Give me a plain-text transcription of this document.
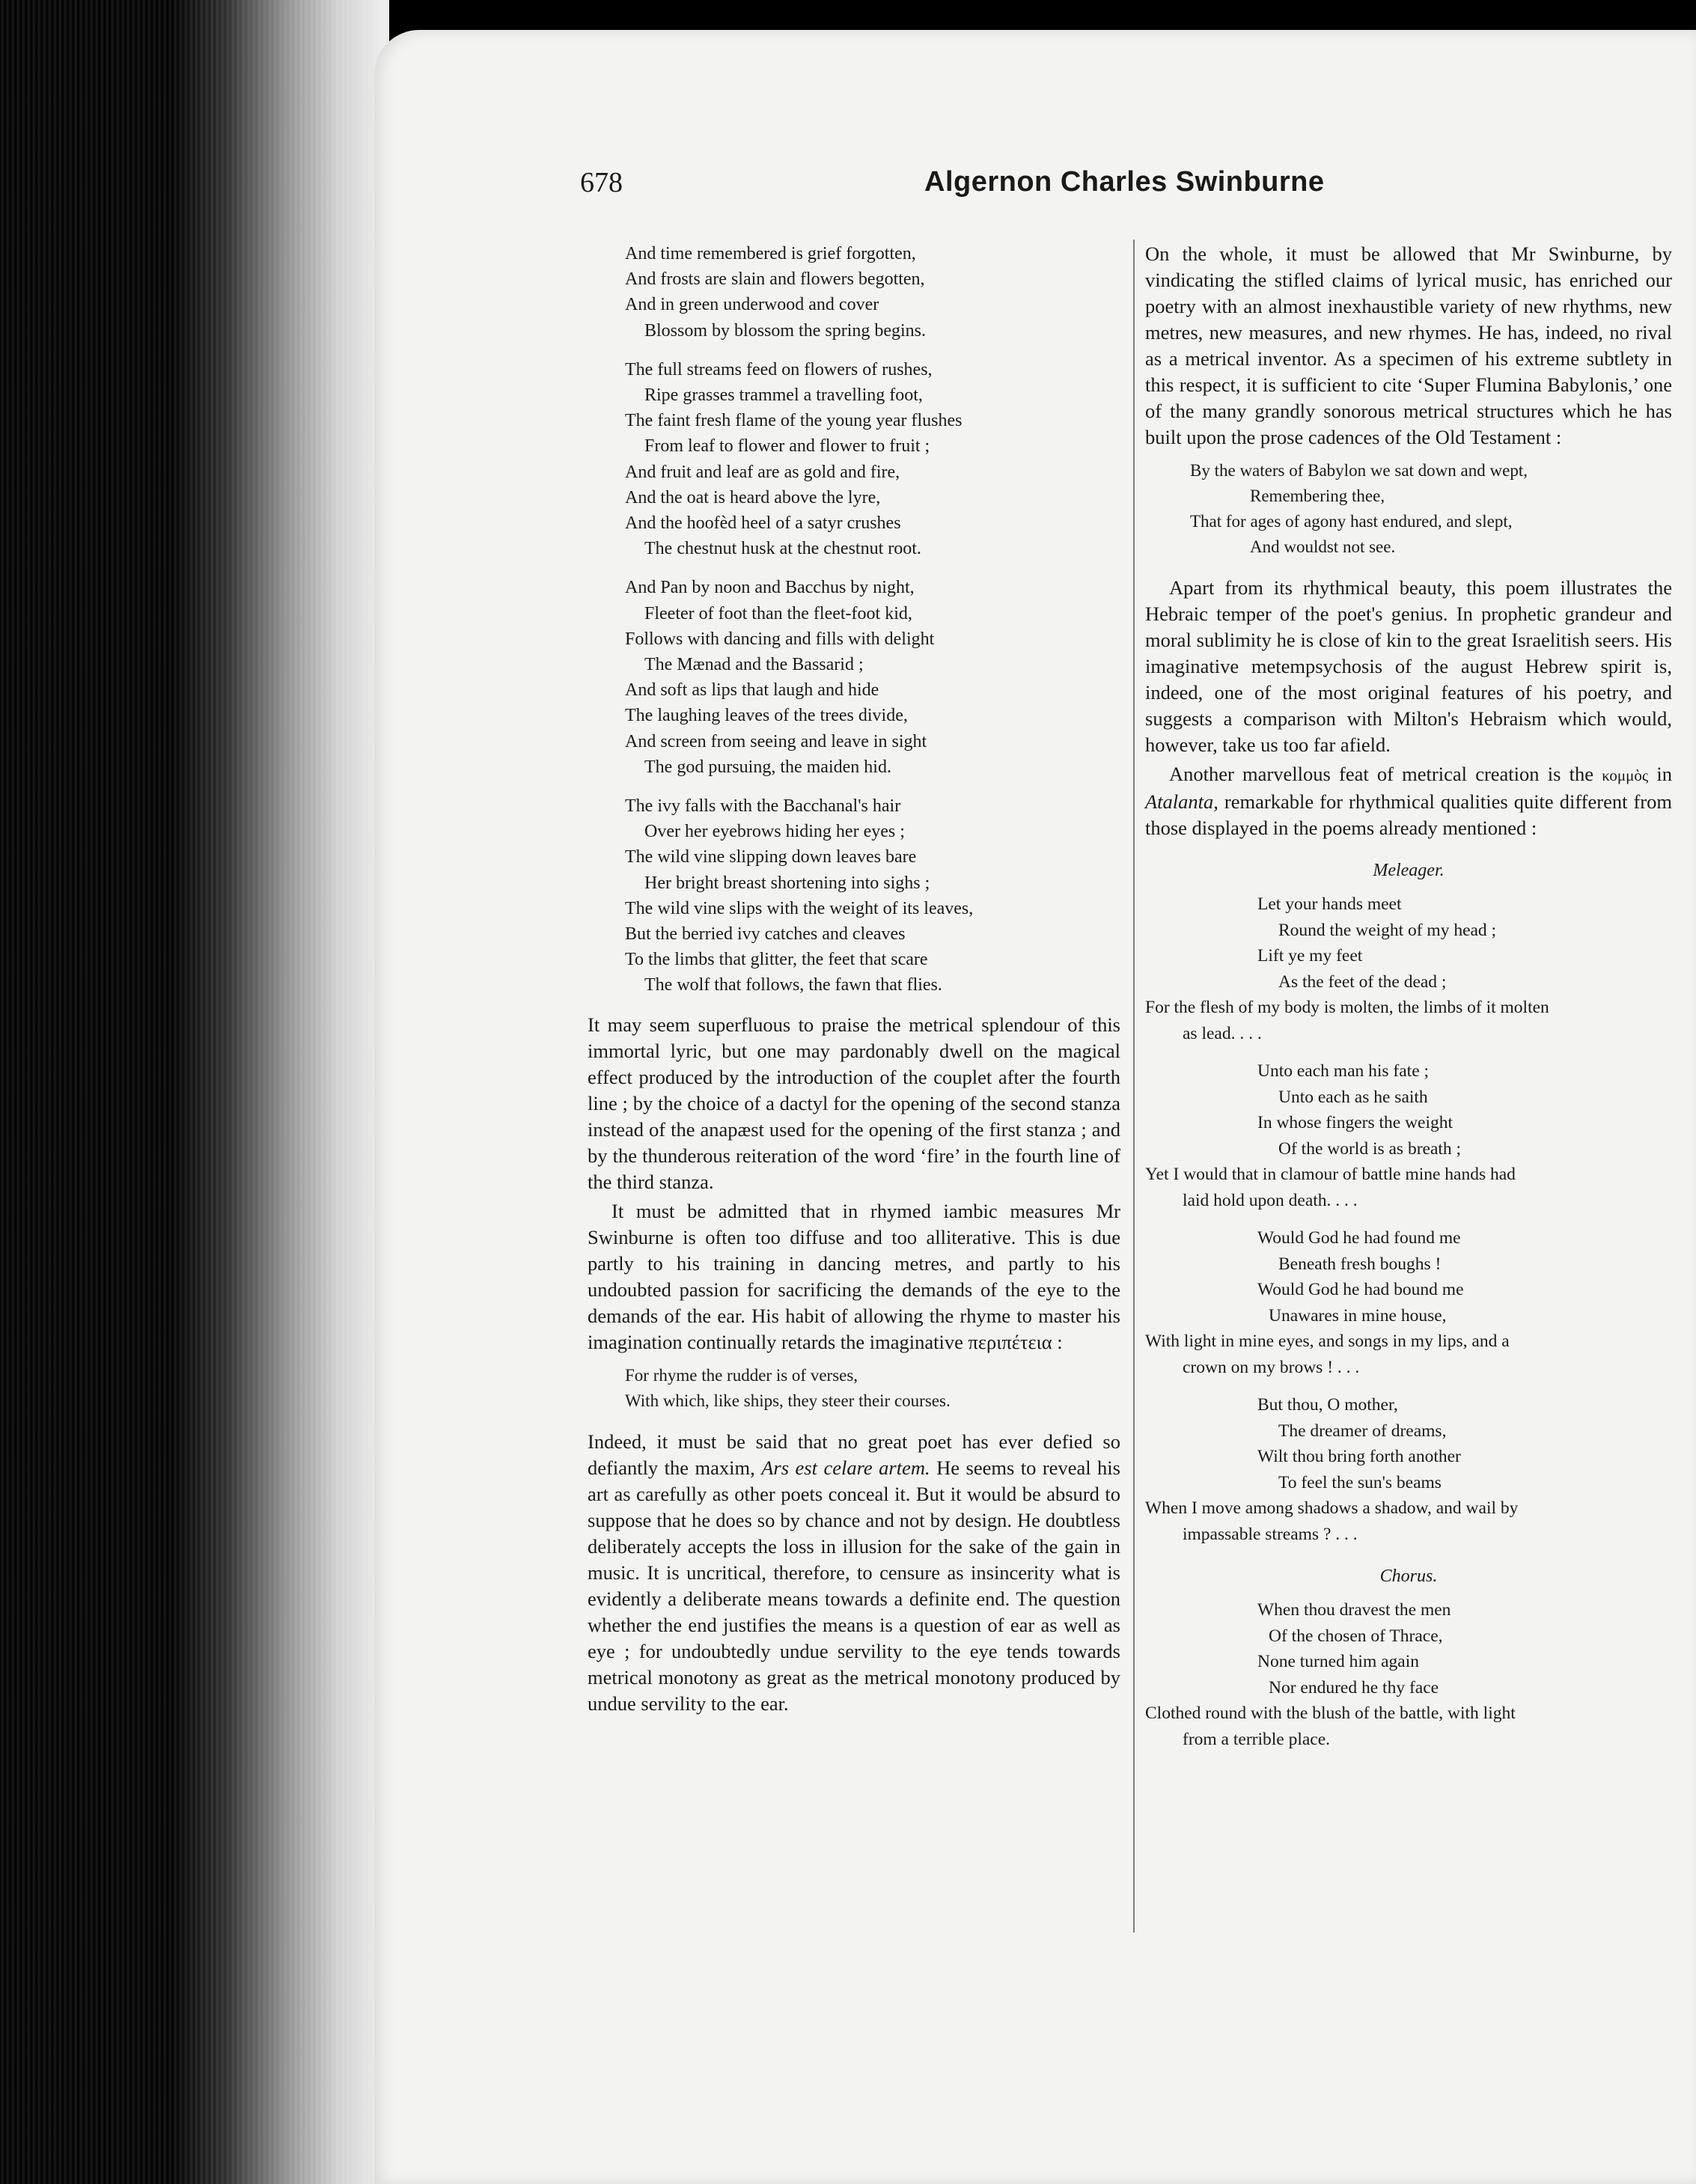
678	Algernon Charles Swinburne
And time remembered is grief forgotten,
And frosts are slain and flowers begotten,
And in green underwood and cover
Blossom by blossom the spring begins.
The full streams feed on flowers of rushes,
Ripe grasses trammel a travelling foot,
The faint fresh flame of the young year flushes
From leaf to flower and flower to fruit ;
And fruit and leaf are as gold and fire,
And the oat is heard above the lyre,
And the hoofèd heel of a satyr crushes
The chestnut husk at the chestnut root.
And Pan by noon and Bacchus by night,
Fleeter of foot than the fleet-foot kid,
Follows with dancing and fills with delight
The Mænad and the Bassarid ;
And soft as lips that laugh and hide
The laughing leaves of the trees divide,
And screen from seeing and leave in sight
The god pursuing, the maiden hid.
The ivy falls with the Bacchanal's hair
Over her eyebrows hiding her eyes ;
The wild vine slipping down leaves bare
Her bright breast shortening into sighs ;
The wild vine slips with the weight of its leaves,
But the berried ivy catches and cleaves
To the limbs that glitter, the feet that scare
The wolf that follows, the fawn that flies.

It may seem superfluous to praise the metrical splendour of this immortal lyric, but one may pardonably dwell on the magical effect produced by the introduction of the couplet after the fourth line ; by the choice of a dactyl for the opening of the second stanza instead of the anapæst used for the opening of the first stanza ; and by the thunderous reiteration of the word ‘fire’ in the fourth line of the third stanza.

It must be admitted that in rhymed iambic measures Mr Swinburne is often too diffuse and too alliterative. This is due partly to his training in dancing metres, and partly to his undoubted passion for sacrificing the demands of the eye to the demands of the ear. His habit of allowing the rhyme to master his imagination continually retards the imaginative περιπέτεια :

For rhyme the rudder is of verses,
With which, like ships, they steer their courses.

Indeed, it must be said that no great poet has ever defied so defiantly the maxim, Ars est celare artem. He seems to reveal his art as carefully as other poets conceal it. But it would be absurd to suppose that he does so by chance and not by design. He doubtless deliberately accepts the loss in illusion for the sake of the gain in music. It is uncritical, therefore, to censure as insincerity what is evidently a deliberate means towards a definite end. The question whether the end justifies the means is a question of ear as well as eye ; for undoubtedly undue servility to the eye tends towards metrical monotony as great as the metrical monotony produced by undue servility to the ear.

On the whole, it must be allowed that Mr Swinburne, by vindicating the stifled claims of lyrical music, has enriched our poetry with an almost inexhaustible variety of new rhythms, new metres, new measures, and new rhymes. He has, indeed, no rival as a metrical inventor. As a specimen of his extreme subtlety in this respect, it is sufficient to cite ‘Super Flumina Babylonis,’ one of the many grandly sonorous metrical structures which he has built upon the prose cadences of the Old Testament :

By the waters of Babylon we sat down and wept,
Remembering thee,
That for ages of agony hast endured, and slept,
And wouldst not see.

Apart from its rhythmical beauty, this poem illustrates the Hebraic temper of the poet's genius. In prophetic grandeur and moral sublimity he is close of kin to the great Israelitish seers. His imaginative metempsychosis of the august Hebrew spirit is, indeed, one of the most original features of his poetry, and suggests a comparison with Milton's Hebraism which would, however, take us too far afield.

Another marvellous feat of metrical creation is the κομμὸς in Atalanta, remarkable for rhythmical qualities quite different from those displayed in the poems already mentioned :

Meleager.
Let your hands meet
Round the weight of my head ;
Lift ye my feet
As the feet of the dead ;
For the flesh of my body is molten, the limbs of it molten
as lead. . . .
Unto each man his fate ;
Unto each as he saith
In whose fingers the weight
Of the world is as breath ;
Yet I would that in clamour of battle mine hands had
laid hold upon death. . . .
Would God he had found me
Beneath fresh boughs !
Would God he had bound me
Unawares in mine house,
With light in mine eyes, and songs in my lips, and a
crown on my brows ! . . .
But thou, O mother,
The dreamer of dreams,
Wilt thou bring forth another
To feel the sun's beams
When I move among shadows a shadow, and wail by
impassable streams ? . . .
Chorus.
When thou dravest the men
Of the chosen of Thrace,
None turned him again
Nor endured he thy face
Clothed round with the blush of the battle, with light
from a terrible place.
